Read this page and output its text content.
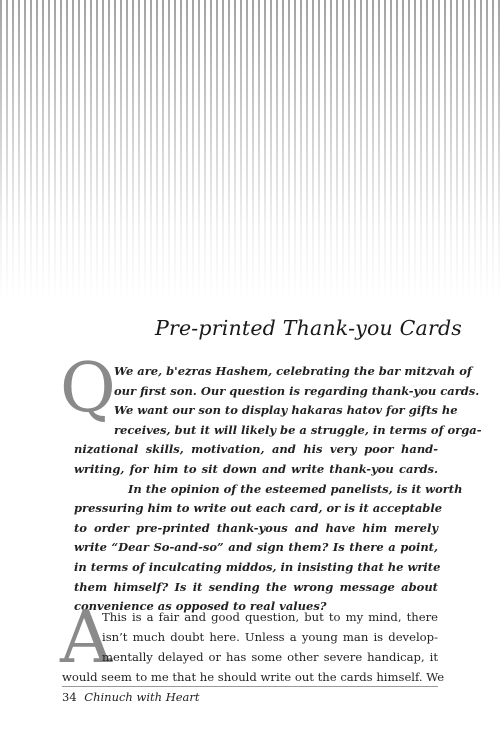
Pre-printed Thank-you Cards
Q
We are, b'ezras Hashem, celebrating the bar mitzvah of
our first son. Our question is regarding thank-you cards.
We want our son to display hakaras hatov for gifts he
receives, but it will likely be a struggle, in terms of orga-
nizational skills, motivation, and his very poor hand-
writing, for him to sit down and write thank-you cards.
In the opinion of the esteemed panelists, is it worth
pressuring him to write out each card, or is it acceptable
to order pre-printed thank-yous and have him merely
write “Dear So-and-so” and sign them? Is there a point,
in terms of inculcating middos, in insisting that he write
them himself? Is it sending the wrong message about
convenience as opposed to real values?
A
This is a fair and good question, but to my mind, there
isn’t much doubt here. Unless a young man is develop-
mentally delayed or has some other severe handicap, it
would seem to me that he should write out the cards himself. We
34 Chinuch with Heart
